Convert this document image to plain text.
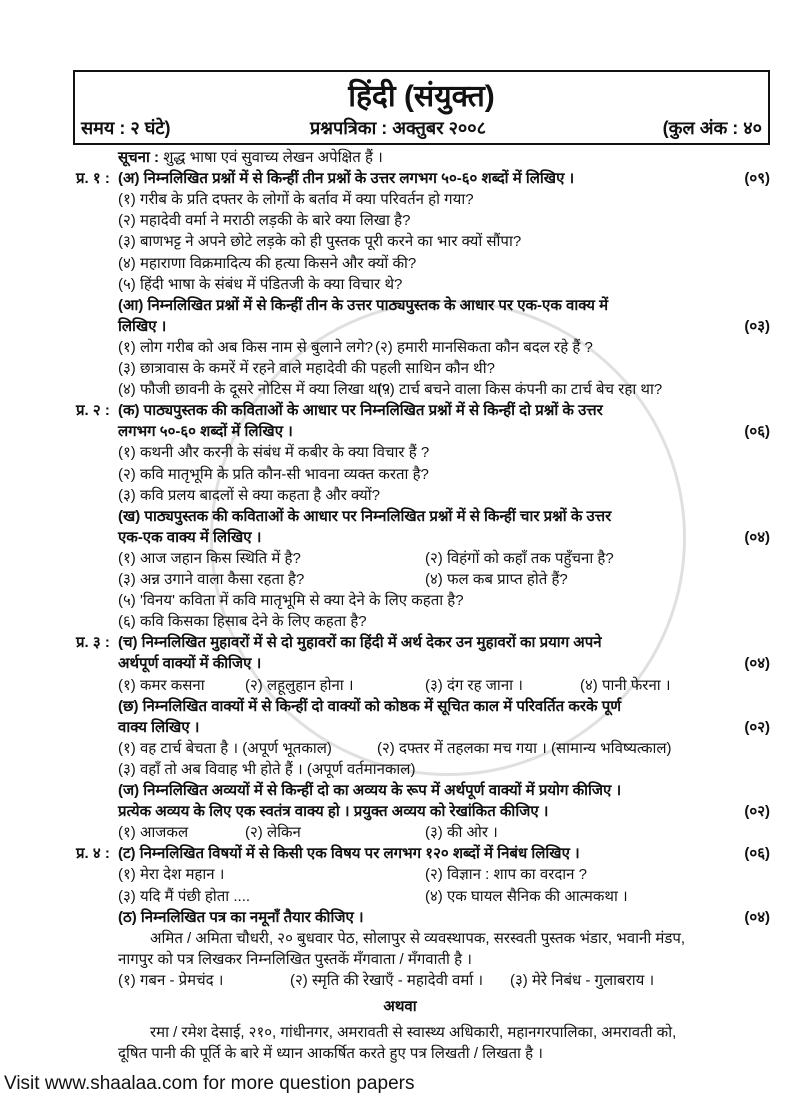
हिंदी (संयुक्त)
समय : २ घंटे)	प्रश्नपत्रिका : अक्तुबर २००८	(कुल अंक : ४०
सूचना : शुद्ध भाषा एवं सुवाच्य लेखन अपेक्षित हैं ।
प्र. १ : (अ) निम्नलिखित प्रश्नों में से किन्हीं तीन प्रश्नों के उत्तर लगभग ५०-६० शब्दों में लिखिए ।	(०९)
(१) गरीब के प्रति दफ्तर के लोगों के बर्ताव में क्या परिवर्तन हो गया?
(२) महादेवी वर्मा ने मराठी लड़की के बारे क्या लिखा है?
(३) बाणभट्ट ने अपने छोटे लड़के को ही पुस्तक पूरी करने का भार क्यों सौंपा?
(४) महाराणा विक्रमादित्य की हत्या किसने और क्यों की?
(५) हिंदी भाषा के संबंध में पंडितजी के क्या विचार थे?
(आ) निम्नलिखित प्रश्नों में से किन्हीं तीन के उत्तर पाठ्यपुस्तक के आधार पर एक-एक वाक्य में
लिखिए ।	(०३)
(१) लोग गरीब को अब किस नाम से बुलाने लगे? (२) हमारी मानसिकता कौन बदल रहे हैं ?
(३) छात्रावास के कमरें में रहने वाले महादेवी की पहली साथिन कौन थी?
(४) फौजी छावनी के दूसरे नोटिस में क्या लिखा था?
(५) टार्च बचने वाला किस कंपनी का टार्च बेच रहा था?
प्र. २ : (क) पाठ्यपुस्तक की कविताओं के आधार पर निम्नलिखित प्रश्नों में से किन्हीं दो प्रश्नों के उत्तर
लगभग ५०-६० शब्दों में लिखिए ।	(०६)
(१) कथनी और करनी के संबंध में कबीर के क्या विचार हैं ?
(२) कवि मातृभूमि के प्रति कौन-सी भावना व्यक्त करता है?
(३) कवि प्रलय बादलों से क्या कहता है और क्यों?
(ख) पाठ्यपुस्तक की कविताओं के आधार पर निम्नलिखित प्रश्नों में से किन्हीं चार प्रश्नों के उत्तर
एक-एक वाक्य में लिखिए ।	(०४)
(१) आज जहान किस स्थिति में है?	(२) विहंगों को कहाँ तक पहुँचना है?
(३) अन्न उगाने वाला कैसा रहता है?	(४) फल कब प्राप्त होते हैं?
(५) 'विनय' कविता में कवि मातृभूमि से क्या देने के लिए कहता है?
(६) कवि किसका हिसाब देने के लिए कहता है?
प्र. ३ : (च) निम्नलिखित मुहावरों में से दो मुहावरों का हिंदी में अर्थ देकर उन मुहावरों का प्रयाग अपने
अर्थपूर्ण वाक्यों में कीजिए ।	(०४)
(१) कमर कसना	(२) लहूलुहान होना ।	(३) दंग रह जाना ।	(४) पानी फेरना ।
(छ) निम्नलिखित वाक्यों में से किन्हीं दो वाक्यों को कोष्ठक में सूचित काल में परिवर्तित करके पूर्ण
वाक्य लिखिए ।	(०२)
(१) वह टार्च बेचता है । (अपूर्ण भूतकाल)	(२) दफ्तर में तहलका मच गया । (सामान्य भविष्यत्काल)
(३) वहाँ तो अब विवाह भी होते हैं । (अपूर्ण वर्तमानकाल)
(ज) निम्नलिखित अव्ययों में से किन्हीं दो का अव्यय के रूप में अर्थपूर्ण वाक्यों में प्रयोग कीजिए ।
प्रत्येक अव्यय के लिए एक स्वतंत्र वाक्य हो । प्रयुक्त अव्यय को रेखांकित कीजिए ।	(०२)
(१) आजकल	(२) लेकिन	(३) की ओर ।
प्र. ४ : (ट) निम्नलिखित विषयों में से किसी एक विषय पर लगभग १२० शब्दों में निबंध लिखिए ।	(०६)
(१) मेरा देश महान ।	(२) विज्ञान : शाप का वरदान ?
(३) यदि मैं पंछी होता ....	(४) एक घायल सैनिक की आत्मकथा ।
(ठ) निम्नलिखित पत्र का नमूनाँ तैयार कीजिए ।	(०४)
अमित / अमिता चौधरी, २० बुधवार पेठ, सोलापुर से व्यवस्थापक, सरस्वती पुस्तक भंडार, भवानी मंडप,
नागपुर को पत्र लिखकर निम्नलिखित पुस्तकें मँगवाता / मँगवाती है ।
(१) गबन - प्रेमचंद ।	(२) स्मृति की रेखाएँ - महादेवी वर्मा । (३) मेरे निबंध - गुलाबराय ।
अथवा
रमा / रमेश देसाई, २१०, गांधीनगर, अमरावती से स्वास्थ्य अधिकारी, महानगरपालिका, अमरावती को,
दूषित पानी की पूर्ति के बारे में ध्यान आकर्षित करते हुए पत्र लिखती / लिखता है ।
Visit www.shaalaa.com for more question papers
